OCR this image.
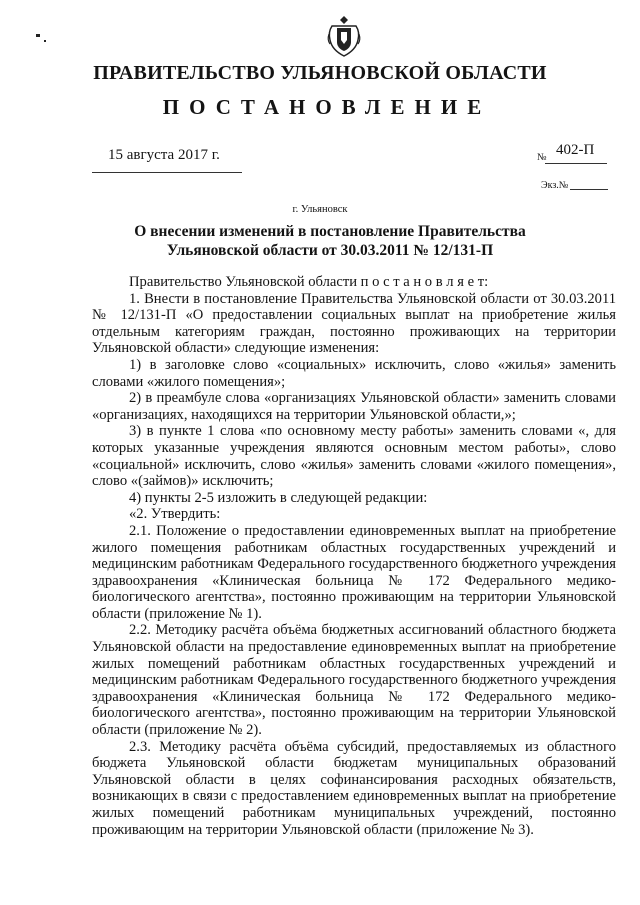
ПРАВИТЕЛЬСТВО УЛЬЯНОВСКОЙ ОБЛАСТИ
ПОСТАНОВЛЕНИЕ
15 августа 2017 г.	№ 402-П
Экз.№
г. Ульяновск
О внесении изменений в постановление Правительства
Ульяновской области от 30.03.2011 № 12/131-П

Правительство Ульяновской области п о с т а н о в л я е т:

1. Внести в постановление Правительства Ульяновской области от 30.03.2011 № 12/131-П «О предоставлении социальных выплат на приобретение жилья отдельным категориям граждан, постоянно проживающих на территории Ульяновской области» следующие изменения:

1) в заголовке слово «социальных» исключить, слово «жилья» заменить словами «жилого помещения»;

2) в преамбуле слова «организациях Ульяновской области» заменить словами «организациях, находящихся на территории Ульяновской области,»;

3) в пункте 1 слова «по основному месту работы» заменить словами «, для которых указанные учреждения являются основным местом работы», слово «социальной» исключить, слово «жилья» заменить словами «жилого помещения», слово «(займов)» исключить;

4) пункты 2-5 изложить в следующей редакции:

«2. Утвердить:

2.1. Положение о предоставлении единовременных выплат на приобретение жилого помещения работникам областных государственных учреждений и медицинским работникам Федерального государственного бюджетного учреждения здравоохранения «Клиническая больница № 172 Федерального медико-биологического агентства», постоянно проживающим на территории Ульяновской области (приложение № 1).

2.2. Методику расчёта объёма бюджетных ассигнований областного бюджета Ульяновской области на предоставление единовременных выплат на приобретение жилых помещений работникам областных государственных учреждений и медицинским работникам Федерального государственного бюджетного учреждения здравоохранения «Клиническая больница № 172 Федерального медико-биологического агентства», постоянно проживающим на территории Ульяновской области (приложение № 2).

2.3. Методику расчёта объёма субсидий, предоставляемых из областного бюджета Ульяновской области бюджетам муниципальных образований Ульяновской области в целях софинансирования расходных обязательств, возникающих в связи с предоставлением единовременных выплат на приобретение жилых помещений работникам муниципальных учреждений, постоянно проживающим на территории Ульяновской области (приложение № 3).
